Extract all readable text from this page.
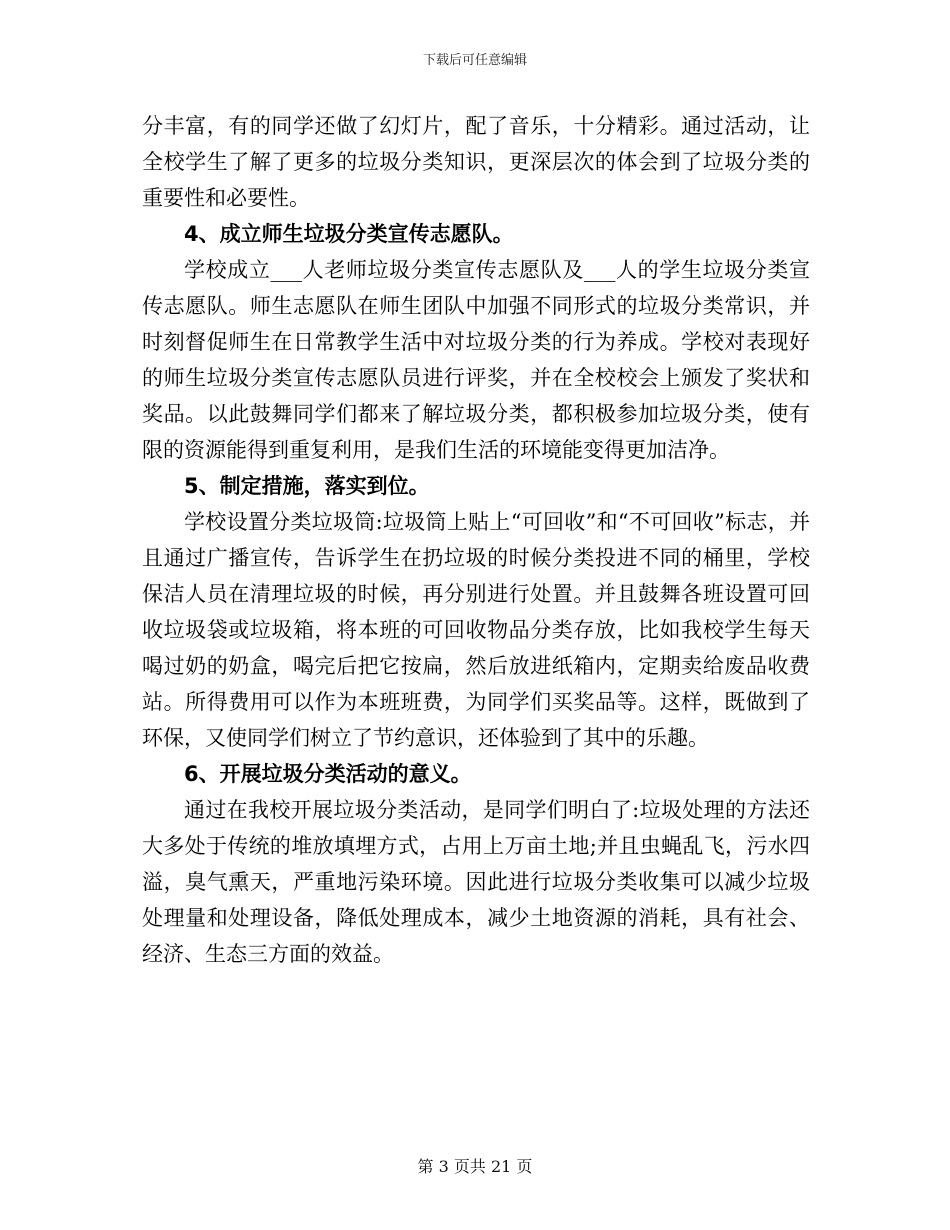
下载后可任意编辑

分丰富，有的同学还做了幻灯片，配了音乐，十分精彩。通过活动，让全校学生了解了更多的垃圾分类知识，更深层次的体会到了垃圾分类的重要性和必要性。

4、成立师生垃圾分类宣传志愿队。

学校成立___人老师垃圾分类宣传志愿队及___人的学生垃圾分类宣传志愿队。师生志愿队在师生团队中加强不同形式的垃圾分类常识，并时刻督促师生在日常教学生活中对垃圾分类的行为养成。学校对表现好的师生垃圾分类宣传志愿队员进行评奖，并在全校校会上颁发了奖状和奖品。以此鼓舞同学们都来了解垃圾分类，都积极参加垃圾分类，使有限的资源能得到重复利用，是我们生活的环境能变得更加洁净。

5、制定措施，落实到位。

学校设置分类垃圾筒:垃圾筒上贴上“可回收”和“不可回收”标志，并且通过广播宣传，告诉学生在扔垃圾的时候分类投进不同的桶里，学校保洁人员在清理垃圾的时候，再分别进行处置。并且鼓舞各班设置可回收垃圾袋或垃圾箱，将本班的可回收物品分类存放，比如我校学生每天喝过奶的奶盒，喝完后把它按扁，然后放进纸箱内，定期卖给废品收费站。所得费用可以作为本班班费，为同学们买奖品等。这样，既做到了环保，又使同学们树立了节约意识，还体验到了其中的乐趣。

6、开展垃圾分类活动的意义。

通过在我校开展垃圾分类活动，是同学们明白了:垃圾处理的方法还大多处于传统的堆放填埋方式，占用上万亩土地;并且虫蝇乱飞，污水四溢，臭气熏天，严重地污染环境。因此进行垃圾分类收集可以减少垃圾处理量和处理设备，降低处理成本，减少土地资源的消耗，具有社会、经济、生态三方面的效益。

第 3 页共 21 页
